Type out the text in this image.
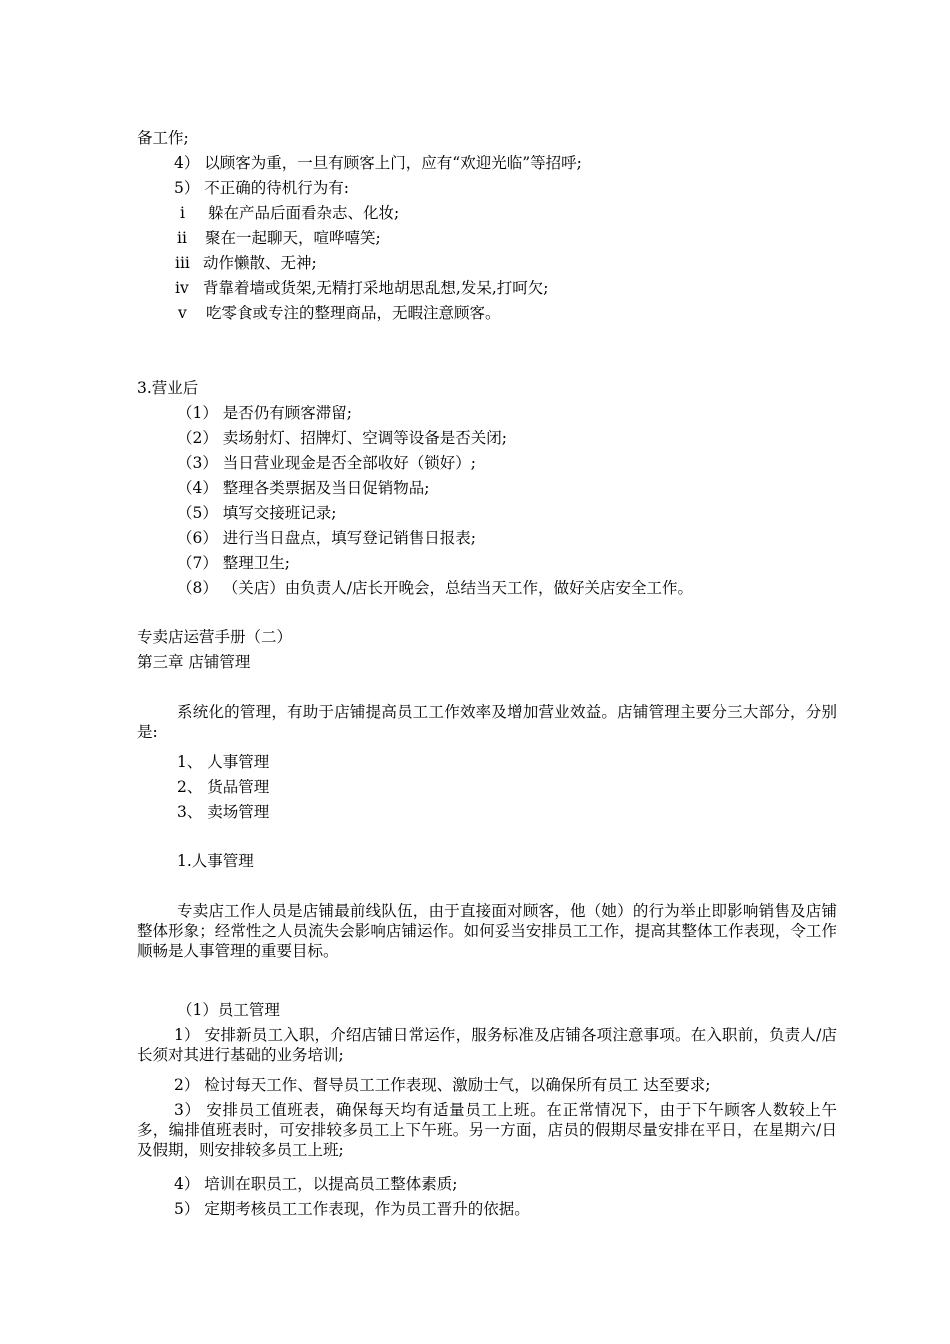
备工作;
4） 以顾客为重，一旦有顾客上门，应有“欢迎光临”等招呼;
5） 不正确的待机行为有:
i 躲在产品后面看杂志、化妆;
ii 聚在一起聊天，喧哗嘻笑;
iii 动作懒散、无神;
iv 背靠着墙或货架,无精打采地胡思乱想,发呆,打呵欠;
v 吃零食或专注的整理商品，无暇注意顾客。
3.营业后
（1） 是否仍有顾客滞留;
（2） 卖场射灯、招牌灯、空调等设备是否关闭;
（3） 当日营业现金是否全部收好（锁好）;
（4） 整理各类票据及当日促销物品;
（5） 填写交接班记录;
（6） 进行当日盘点，填写登记销售日报表;
（7） 整理卫生;
（8） （关店）由负责人/店长开晚会，总结当天工作，做好关店安全工作。
专卖店运营手册（二）
第三章 店铺管理
系统化的管理，有助于店铺提高员工工作效率及增加营业效益。店铺管理主要分三大部分，分别是:
1、 人事管理
2、 货品管理
3、 卖场管理
1.人事管理
专卖店工作人员是店铺最前线队伍，由于直接面对顾客，他（她）的行为举止即影响销售及店铺整体形象；经常性之人员流失会影响店铺运作。如何妥当安排员工工作，提高其整体工作表现，令工作顺畅是人事管理的重要目标。
（1）员工管理
1） 安排新员工入职，介绍店铺日常运作，服务标准及店铺各项注意事项。在入职前，负责人/店长须对其进行基础的业务培训;
2） 检讨每天工作、督导员工工作表现、激励士气，以确保所有员工 达至要求;
3） 安排员工值班表，确保每天均有适量员工上班。在正常情况下，由于下午顾客人数较上午多，编排值班表时，可安排较多员工上下午班。另一方面，店员的假期尽量安排在平日，在星期六/日及假期，则安排较多员工上班;
4） 培训在职员工，以提高员工整体素质;
5） 定期考核员工工作表现，作为员工晋升的依据。
